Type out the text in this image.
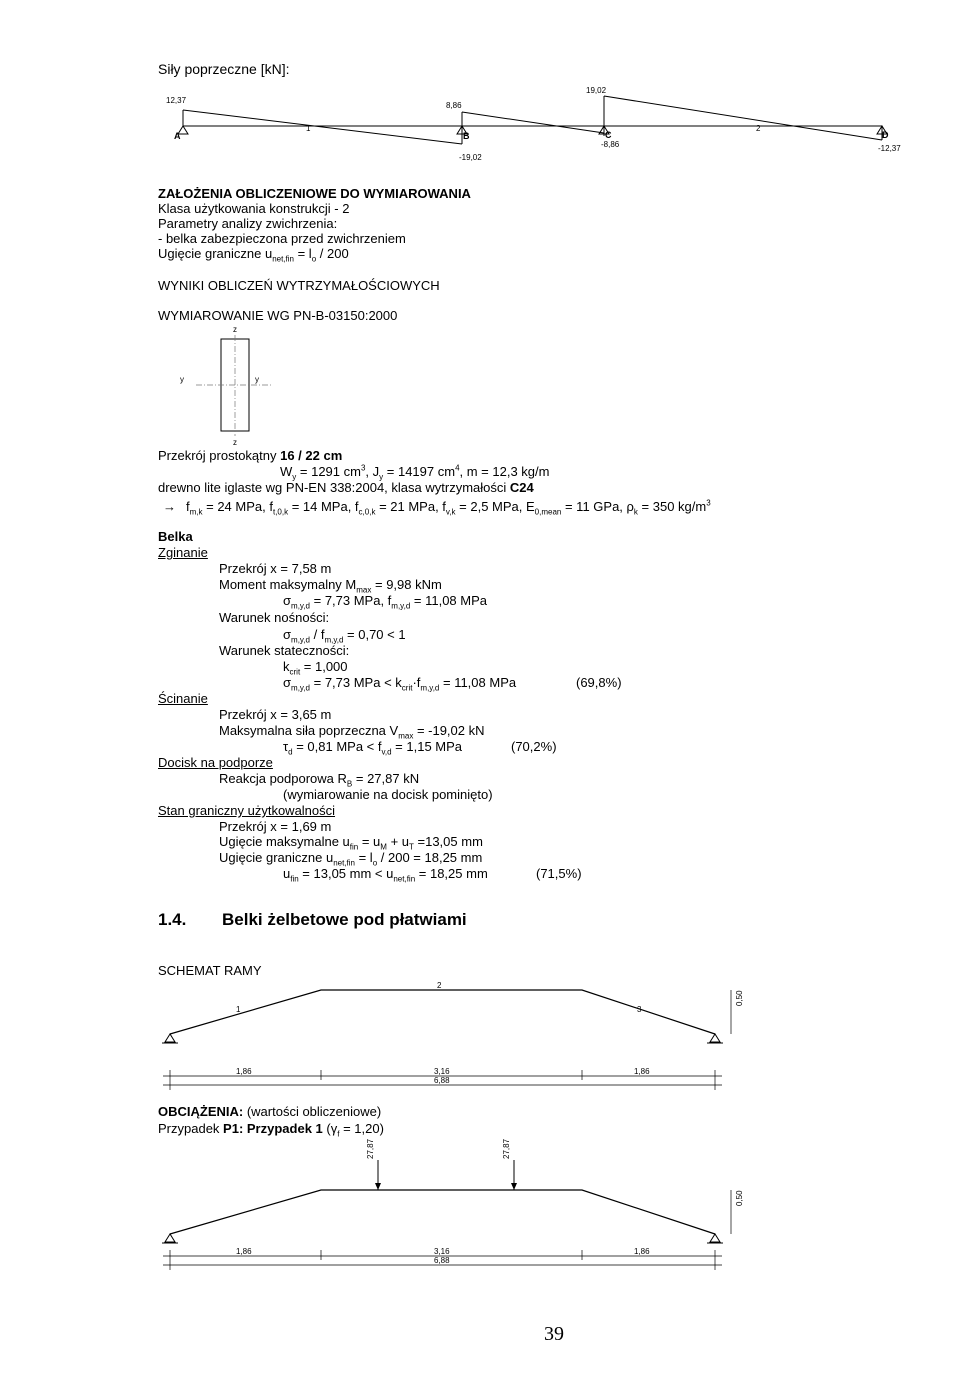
Siły poprzeczne [kN]:
12,37
8,86
19,02
-19,02
-8,86	-12,37
A	B	C	D
1	2
ZAŁOŻENIA OBLICZENIOWE DO WYMIAROWANIA
Klasa użytkowania konstrukcji - 2
Parametry analizy zwichrzenia:
- belka zabezpieczona przed zwichrzeniem
Ugięcie graniczne $u_{net,fin} = l_o / 200$
WYNIKI OBLICZEŃ WYTRZYMAŁOŚCIOWYCH
WYMIAROWANIE WG PN-B-03150:2000
z
z
y	y
Przekrój prostokątny 16 / 22 cm
$W_y = 1291$ $cm^3$, $J_y = 14197$ $cm^4$, m = 12,3 kg/m
drewno lite iglaste wg PN-EN 338:2004, klasa wytrzymałości C24
→ $f_{m,k} = 24$ MPa, $f_{t,0,k} = 14$ MPa, $f_{c,0,k} = 21$ MPa, $f_{v,k} = 2,5$ MPa, $E_{0,mean} = 11$ GPa, $\rho_k = 350$ $kg/m^3$
Belka
Zginanie
Przekrój x = 7,58 m
Moment maksymalny $M_{max} = 9,98$ kNm
$\sigma_{m,y,d} = 7,73$ MPa, $f_{m,y,d} = 11,08$ MPa
Warunek nośności:
$\sigma_{m,y,d} / f_{m,y,d} = 0,70 < 1$
Warunek stateczności:
$k_{crit} = 1,000$
$\sigma_{m,y,d} = 7,73$ MPa < $k_{crit}\cdot f_{m,y,d} = 11,08$ MPa	(69,8%)
Ścinanie
Przekrój x = 3,65 m
Maksymalna siła poprzeczna $V_{max} = -19,02$ kN
$\tau_d = 0,81$ MPa < $f_{v,d} = 1,15$ MPa	(70,2%)
Docisk na podporze
Reakcja podporowa $R_B = 27,87$ kN
(wymiarowanie na docisk pominięto)
Stan graniczny użytkowalności
Przekrój x = 1,69 m
Ugięcie maksymalne $u_{fin} = u_M + u_T =13,05$ mm
Ugięcie graniczne $u_{net,fin} = l_o / 200 = 18,25$ mm
$u_{fin} = 13,05$ mm < $u_{net,fin} = 18,25$ mm	(71,5%)
1.4. Belki żelbetowe pod płatwiami
SCHEMAT RAMY
1
2
3
0,50
1,86	3,16	1,86
6,88
OBCIĄŻENIA: (wartości obliczeniowe)
Przypadek P1: Przypadek 1 $(\gamma_f = 1,20)$
27,87	27,87
0,50
1,86	3,16	1,86
6,88
39
